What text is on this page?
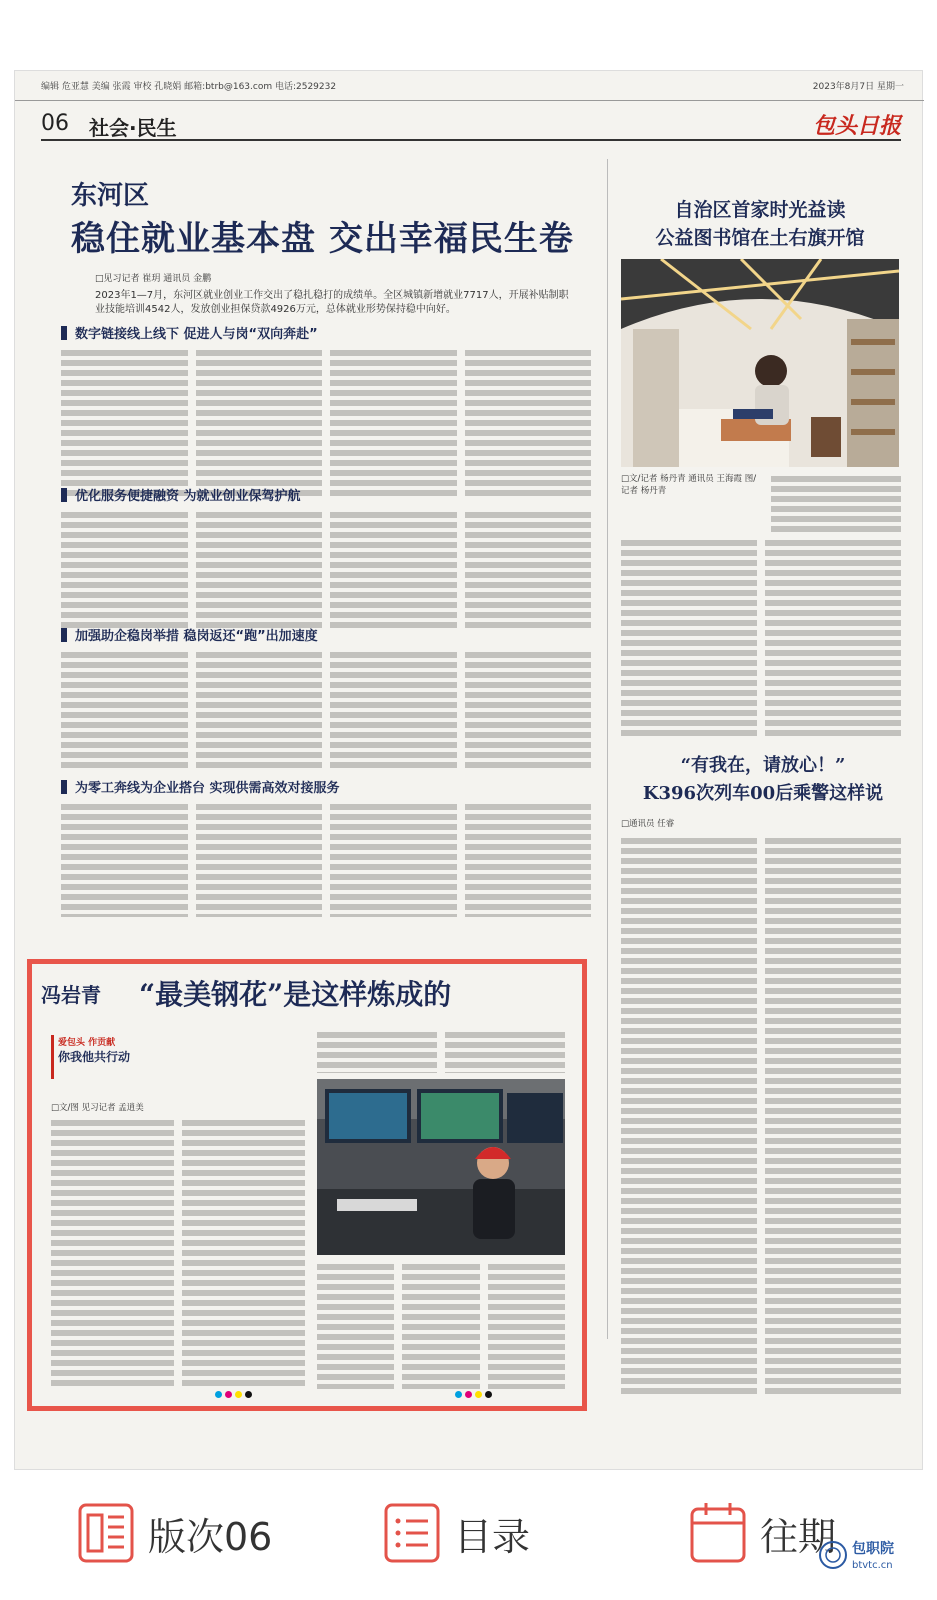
编辑 危亚慧 美编 张霞 审校 孔晓娟 邮箱:btrb@163.com 电话:2529232	2023年8月7日 星期一
06 社会·民生	包头日报
东河区
稳住就业基本盘 交出幸福民生卷
□见习记者 崔玥 通讯员 金鹏
2023年1—7月，东河区就业创业工作交出了稳扎稳打的成绩单。全区城镇新增就业7717人，开展补贴制职业技能培训4542人，发放创业担保贷款4926万元，总体就业形势保持稳中向好。
数字链接线上线下 促进人与岗“双向奔赴”
优化服务便捷融资 为就业创业保驾护航
加强助企稳岗举措 稳岗返还“跑”出加速度
为零工奔线为企业搭台 实现供需高效对接服务
自治区首家时光益读
公益图书馆在土右旗开馆
□文/记者 杨丹青 通讯员 王海霞 图/记者 杨丹青
“有我在，请放心！”
K396次列车00后乘警这样说
□通讯员 任睿
冯岩青 “最美钢花”是这样炼成的
爱包头 作贡献
你我他共行动
□文/图 见习记者 孟逍美
版次06	目录	往期 包职院
btvtc.cn
